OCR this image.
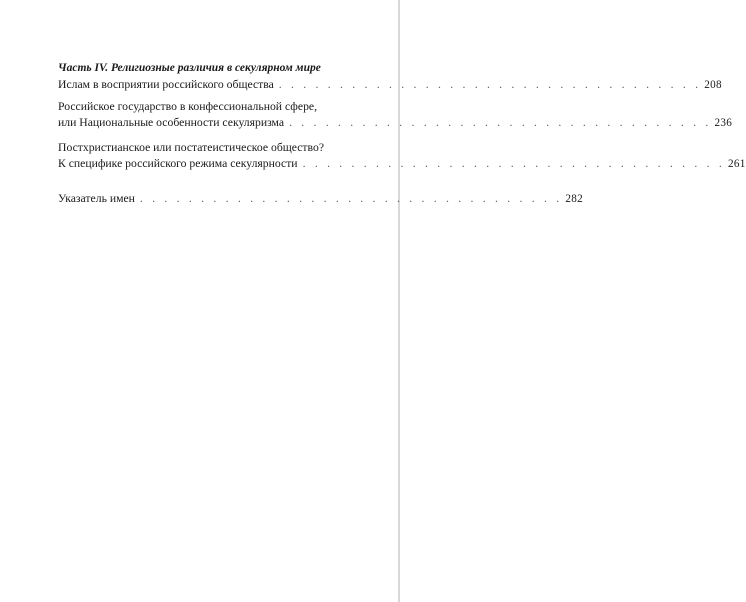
Часть IV. Религиозные различия в секулярном мире
Ислам в восприятии российского общества . . . . . . . . . . . . . . . . . . . . . . . . . . . . . . . . . . . 208
Российское государство в конфессиональной сфере,
или Национальные особенности секуляризма . . . . . . . . . . . . . . . . . . . . . . . . . . . . . . . . . . . 236
Постхристианское или постатеистическое общество?
К специфике российского режима секулярности . . . . . . . . . . . . . . . . . . . . . . . . . . . . . . . . . . . 261
Указатель имен . . . . . . . . . . . . . . . . . . . . . . . . . . . . . . . . . . . 282
